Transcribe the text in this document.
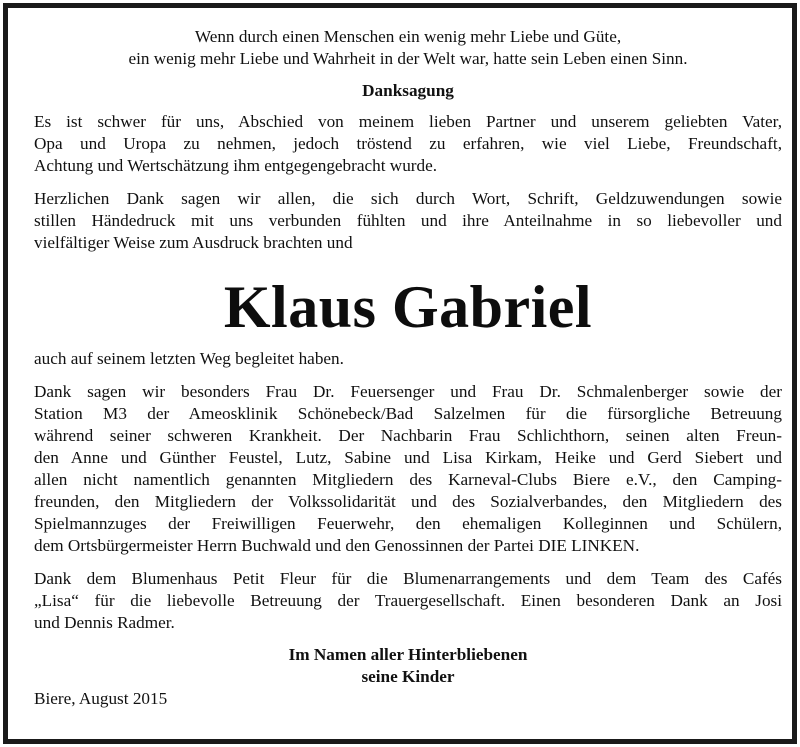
Wenn durch einen Menschen ein wenig mehr Liebe und Güte,
ein wenig mehr Liebe und Wahrheit in der Welt war, hatte sein Leben einen Sinn.
Danksagung
Es ist schwer für uns, Abschied von meinem lieben Partner und unserem geliebten Vater,
Opa und Uropa zu nehmen, jedoch tröstend zu erfahren, wie viel Liebe, Freundschaft,
Achtung und Wertschätzung ihm entgegengebracht wurde.
Herzlichen Dank sagen wir allen, die sich durch Wort, Schrift, Geldzuwendungen sowie
stillen Händedruck mit uns verbunden fühlten und ihre Anteilnahme in so liebevoller und
vielfältiger Weise zum Ausdruck brachten und
Klaus Gabriel
auch auf seinem letzten Weg begleitet haben.
Dank sagen wir besonders Frau Dr. Feuersenger und Frau Dr. Schmalenberger sowie der
Station M3 der Ameosklinik Schönebeck/Bad Salzelmen für die fürsorgliche Betreuung
während seiner schweren Krankheit. Der Nachbarin Frau Schlichthorn, seinen alten Freun-
den Anne und Günther Feustel, Lutz, Sabine und Lisa Kirkam, Heike und Gerd Siebert und
allen nicht namentlich genannten Mitgliedern des Karneval-Clubs Biere e.V., den Camping-
freunden, den Mitgliedern der Volkssolidarität und des Sozialverbandes, den Mitgliedern des
Spielmannzuges der Freiwilligen Feuerwehr, den ehemaligen Kolleginnen und Schülern,
dem Ortsbürgermeister Herrn Buchwald und den Genossinnen der Partei DIE LINKEN.
Dank dem Blumenhaus Petit Fleur für die Blumenarrangements und dem Team des Cafés
„Lisa“ für die liebevolle Betreuung der Trauergesellschaft. Einen besonderen Dank an Josi
und Dennis Radmer.
Im Namen aller Hinterbliebenen
seine Kinder
Biere, August 2015
